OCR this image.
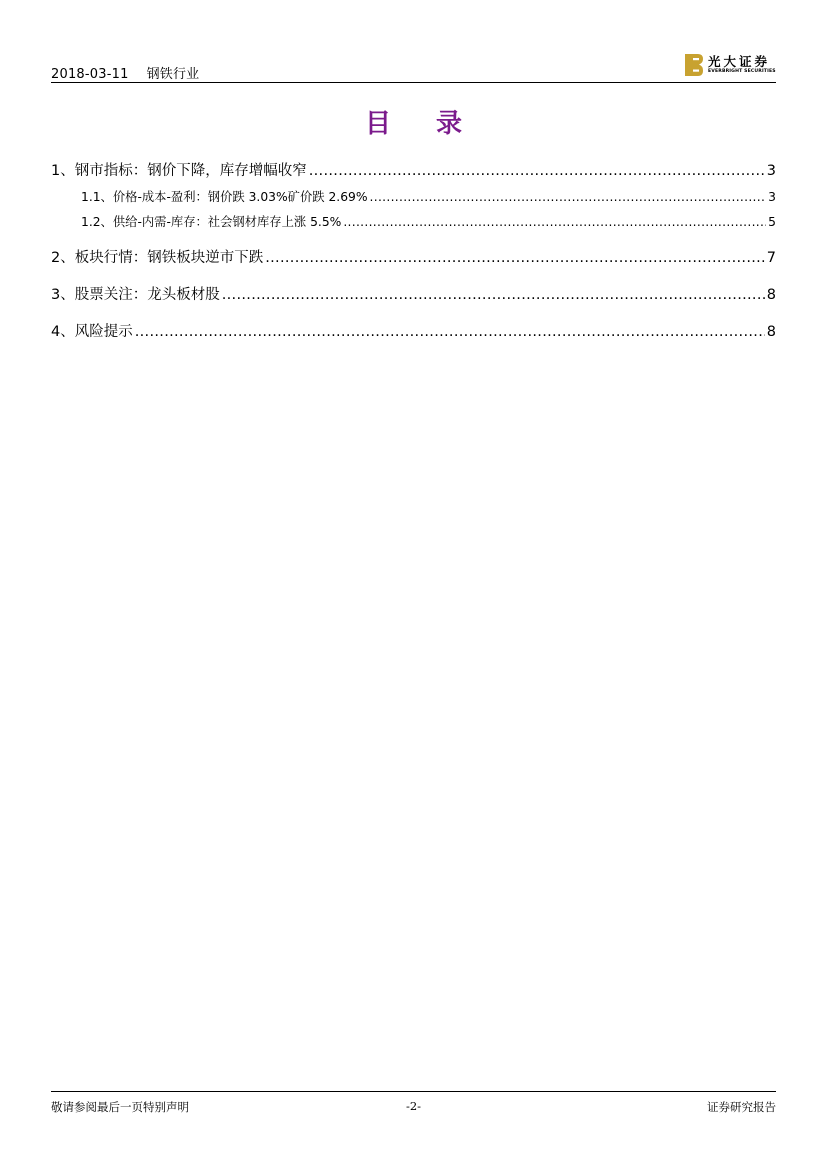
2018-03-11 钢铁行业
光大证券
EVERBRIGHT SECURITIES
目 录
1、 钢市指标：钢价下降，库存增幅收窄 .....	3
1.1、 价格-成本-盈利：钢价跌 3.03%矿价跌 2.69% .....	3
1.2、 供给-内需-库存：社会钢材库存上涨 5.5% .....	5
2、 板块行情：钢铁板块逆市下跌 .....	7
3、 股票关注：龙头板材股 .....	8
4、 风险提示 .....	8
敬请参阅最后一页特别声明	-2-	证券研究报告
